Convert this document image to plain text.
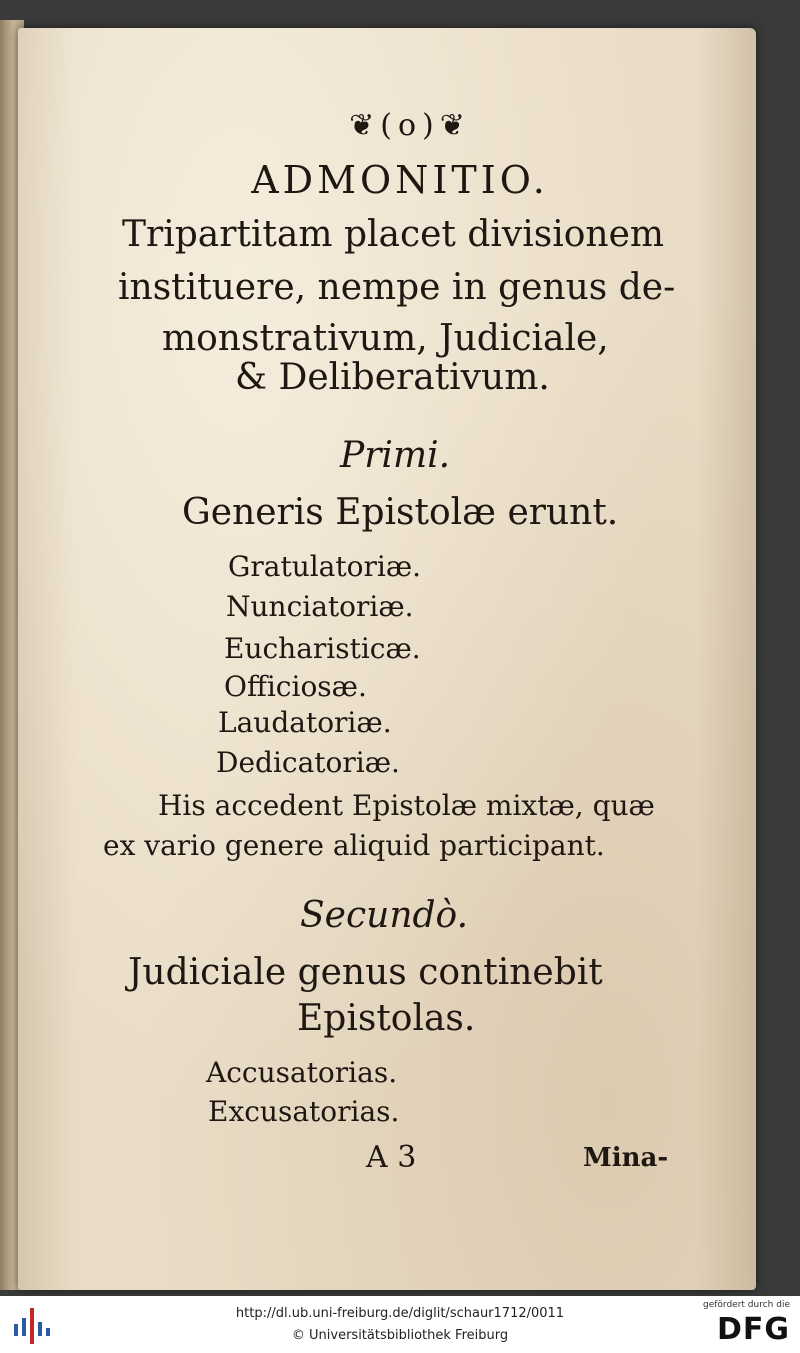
❦(o)❦
ADMONITIO.
Tripartitam placet divisionem
instituere, nempe in genus de-
monstrativum, Judiciale,
& Deliberativum.
Primi.
Generis Epistolæ erunt.
Gratulatoriæ.
Nunciatoriæ.
Eucharisticæ.
Officiosæ.
Laudatoriæ.
Dedicatoriæ.
His accedent Epistolæ mixtæ, quæ
ex vario genere aliquid participant.
Secundò.
Judiciale genus continebit
Epistolas.
Accusatorias.
Excusatorias.
A 3	Mina-
http://dl.ub.uni-freiburg.de/diglit/schaur1712/0011
© Universitätsbibliothek Freiburg
gefördert durch die
DFG
